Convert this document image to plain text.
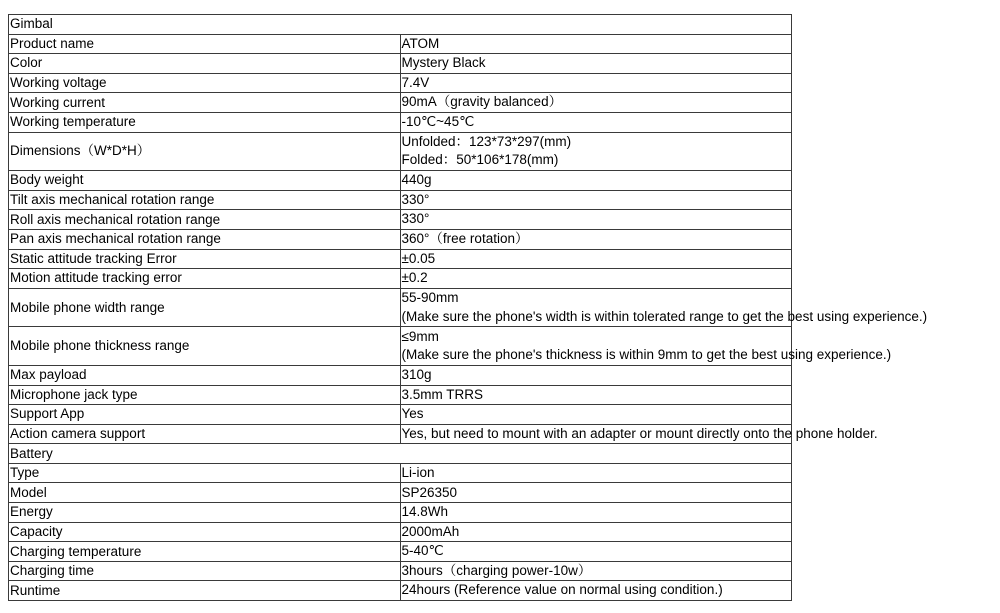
Gimbal	
Product name	ATOM

Color	Mystery Black

Working voltage	7.4V

Working current	90mA（gravity balanced）

Working temperature	-10℃~45℃

Dimensions（W*D*H）	Unfolded：123*73*297(mm)
Folded：50*106*178(mm)

Body weight	440g

Tilt axis mechanical rotation range	330°

Roll axis mechanical rotation range	330°

Pan axis mechanical rotation range	360°（free rotation）

Static attitude tracking Error	±0.05

Motion attitude tracking error	±0.2

Mobile phone width range	55-90mm
(Make sure the phone's width is within tolerated range to get the best using experience.)

Mobile phone thickness range	≤9mm
(Make sure the phone's thickness is within 9mm to get the best using experience.)

Max payload	310g

Microphone jack type	3.5mm TRRS

Support App	Yes

Action camera support	Yes, but need to mount with an adapter or mount directly onto the phone holder.

Battery	
Type	Li-ion

Model	SP26350

Energy	14.8Wh

Capacity	2000mAh

Charging temperature	5-40℃

Charging time	3hours（charging power-10w）

Runtime	24hours (Reference value on normal using condition.)
